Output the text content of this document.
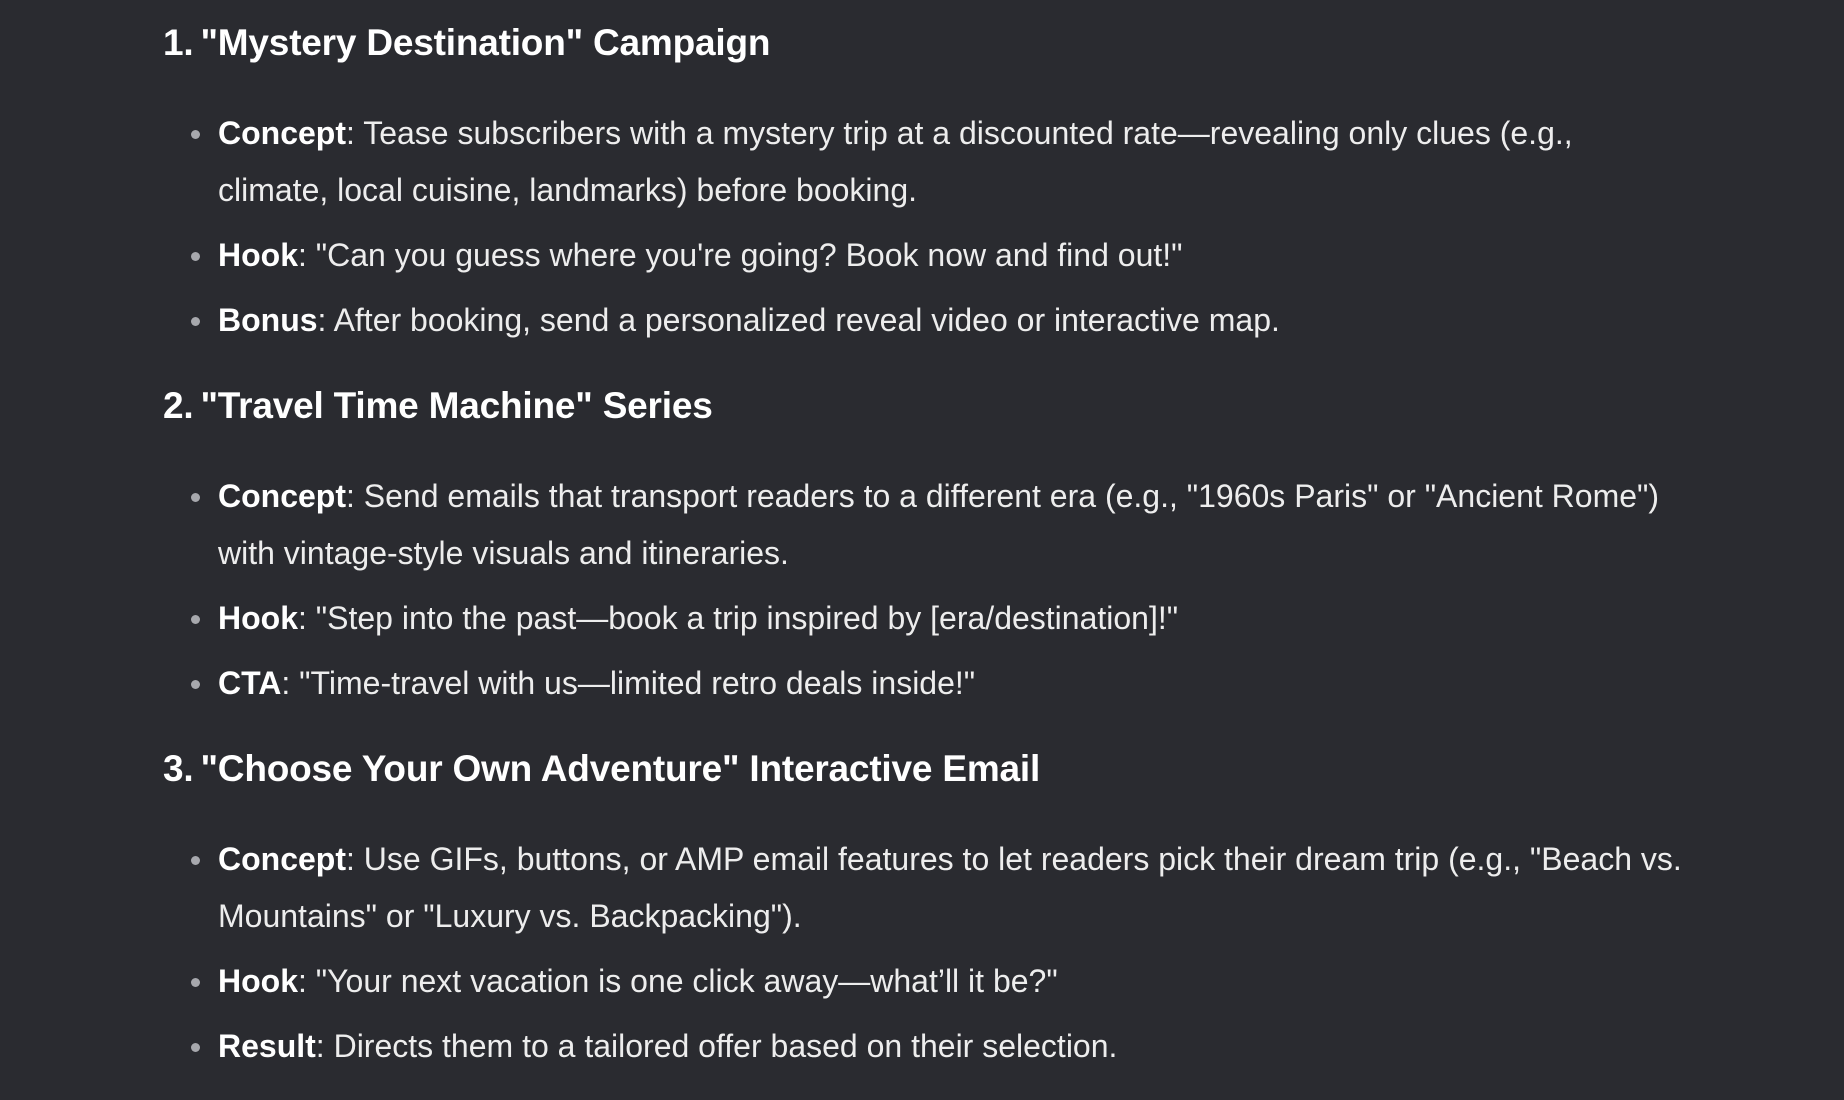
1. "Mystery Destination" Campaign
Concept: Tease subscribers with a mystery trip at a discounted rate—revealing only clues (e.g., climate, local cuisine, landmarks) before booking.
Hook: "Can you guess where you're going? Book now and find out!"
Bonus: After booking, send a personalized reveal video or interactive map.
2. "Travel Time Machine" Series
Concept: Send emails that transport readers to a different era (e.g., "1960s Paris" or "Ancient Rome") with vintage-style visuals and itineraries.
Hook: "Step into the past—book a trip inspired by [era/destination]!"
CTA: "Time-travel with us—limited retro deals inside!"
3. "Choose Your Own Adventure" Interactive Email
Concept: Use GIFs, buttons, or AMP email features to let readers pick their dream trip (e.g., "Beach vs. Mountains" or "Luxury vs. Backpacking").
Hook: "Your next vacation is one click away—what’ll it be?"
Result: Directs them to a tailored offer based on their selection.
